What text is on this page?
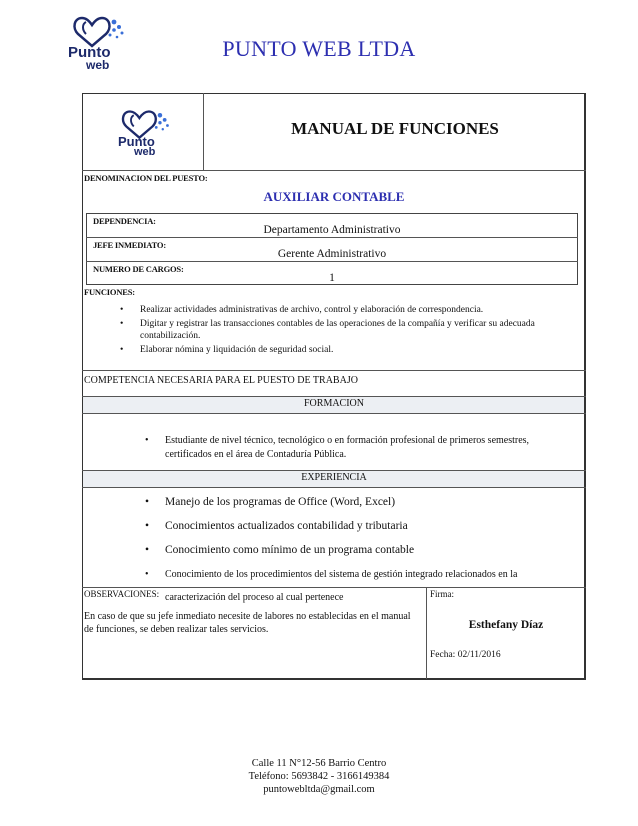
Punto
web
PUNTO WEB LTDA
Punto
web
MANUAL DE FUNCIONES
DENOMINACION DEL PUESTO:
AUXILIAR CONTABLE
DEPENDENCIA:
Departamento Administrativo
JEFE INMEDIATO:
Gerente Administrativo
NUMERO DE CARGOS:
1
FUNCIONES:
• Realizar actividades administrativas de archivo, control y elaboración de correspondencia.
• Digitar y registrar las transacciones contables de las operaciones de la compañía y verificar su adecuada contabilización.
• Elaborar nómina y liquidación de seguridad social.
COMPETENCIA NECESARIA PARA EL PUESTO DE TRABAJO
FORMACION
• Estudiante de nivel técnico, tecnológico o en formación profesional de primeros semestres, certificados en el área de Contaduría Pública.
EXPERIENCIA
• Manejo de los programas de Office (Word, Excel)
• Conocimientos actualizados contabilidad y tributaria
• Conocimiento como mínimo de un programa contable
• Conocimiento de los procedimientos del sistema de gestión integrado relacionados en la caracterización del proceso al cual pertenece
OBSERVACIONES:
En caso de que su jefe inmediato necesite de labores no establecidas en el manual de funciones, se deben realizar tales servicios.
Firma:
Esthefany Díaz
Fecha: 02/11/2016
Calle 11 N°12-56 Barrio Centro
Teléfono: 5693842 - 3166149384
puntowebltda@gmail.com
